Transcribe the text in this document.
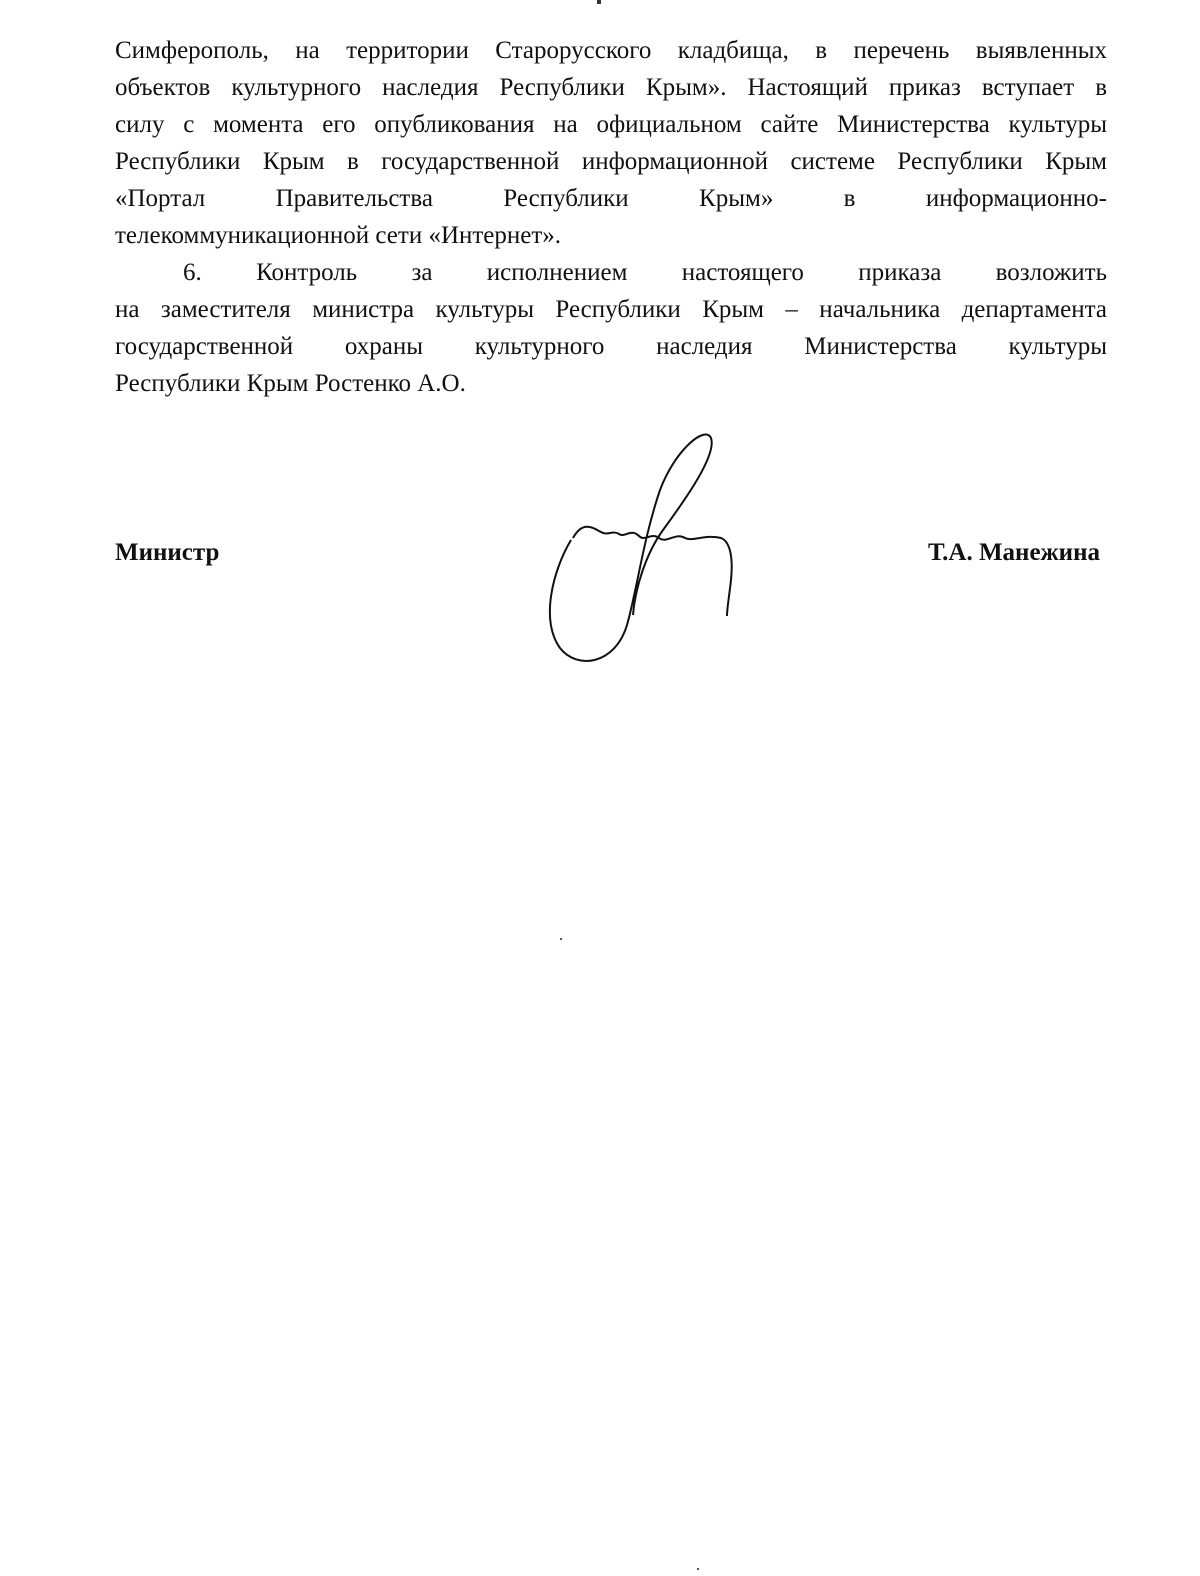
Симферополь, на территории Старорусского кладбища, в перечень выявленных
объектов культурного наследия Республики Крым». Настоящий приказ вступает в
силу с момента его опубликования на официальном сайте Министерства культуры
Республики Крым в государственной информационной системе Республики Крым
«Портал Правительства Республики Крым» в информационно-
телекоммуникационной сети «Интернет».
6. Контроль за исполнением настоящего приказа возложить
на заместителя министра культуры Республики Крым – начальника департамента
государственной охраны культурного наследия Министерства культуры
Республики Крым Ростенко А.О.
Министр	Т.А. Манежина
